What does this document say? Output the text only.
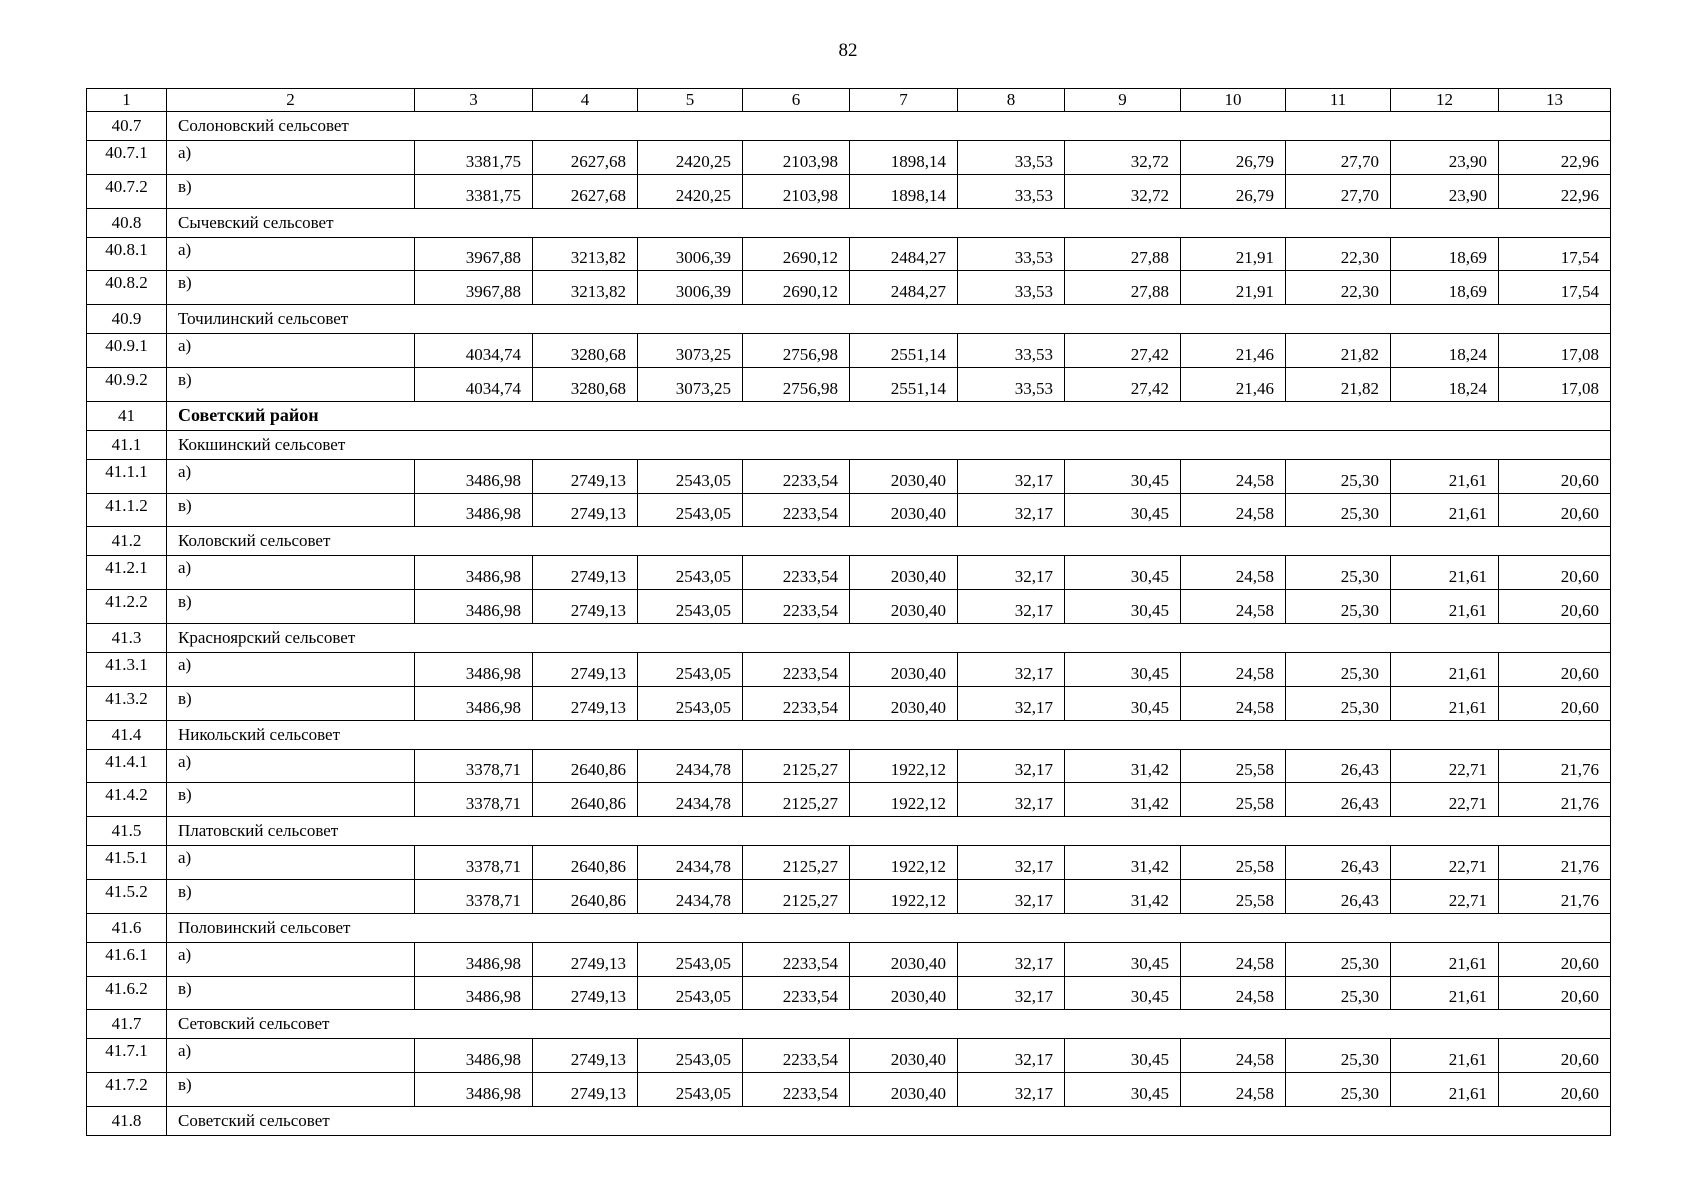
82
1	2	3	4	5	6	7	8	9	10	11	12	13
40.7	Солоновский сельсовет											
40.7.1	а)	3381,75	2627,68	2420,25	2103,98	1898,14	33,53	32,72	26,79	27,70	23,90	22,96
40.7.2	в)	3381,75	2627,68	2420,25	2103,98	1898,14	33,53	32,72	26,79	27,70	23,90	22,96
40.8	Сычевский сельсовет											
40.8.1	а)	3967,88	3213,82	3006,39	2690,12	2484,27	33,53	27,88	21,91	22,30	18,69	17,54
40.8.2	в)	3967,88	3213,82	3006,39	2690,12	2484,27	33,53	27,88	21,91	22,30	18,69	17,54
40.9	Точилинский сельсовет											
40.9.1	а)	4034,74	3280,68	3073,25	2756,98	2551,14	33,53	27,42	21,46	21,82	18,24	17,08
40.9.2	в)	4034,74	3280,68	3073,25	2756,98	2551,14	33,53	27,42	21,46	21,82	18,24	17,08
41	Советский район											
41.1	Кокшинский сельсовет											
41.1.1	а)	3486,98	2749,13	2543,05	2233,54	2030,40	32,17	30,45	24,58	25,30	21,61	20,60
41.1.2	в)	3486,98	2749,13	2543,05	2233,54	2030,40	32,17	30,45	24,58	25,30	21,61	20,60
41.2	Коловский сельсовет											
41.2.1	а)	3486,98	2749,13	2543,05	2233,54	2030,40	32,17	30,45	24,58	25,30	21,61	20,60
41.2.2	в)	3486,98	2749,13	2543,05	2233,54	2030,40	32,17	30,45	24,58	25,30	21,61	20,60
41.3	Красноярский сельсовет											
41.3.1	а)	3486,98	2749,13	2543,05	2233,54	2030,40	32,17	30,45	24,58	25,30	21,61	20,60
41.3.2	в)	3486,98	2749,13	2543,05	2233,54	2030,40	32,17	30,45	24,58	25,30	21,61	20,60
41.4	Никольский сельсовет											
41.4.1	а)	3378,71	2640,86	2434,78	2125,27	1922,12	32,17	31,42	25,58	26,43	22,71	21,76
41.4.2	в)	3378,71	2640,86	2434,78	2125,27	1922,12	32,17	31,42	25,58	26,43	22,71	21,76
41.5	Платовский сельсовет											
41.5.1	а)	3378,71	2640,86	2434,78	2125,27	1922,12	32,17	31,42	25,58	26,43	22,71	21,76
41.5.2	в)	3378,71	2640,86	2434,78	2125,27	1922,12	32,17	31,42	25,58	26,43	22,71	21,76
41.6	Половинский сельсовет											
41.6.1	а)	3486,98	2749,13	2543,05	2233,54	2030,40	32,17	30,45	24,58	25,30	21,61	20,60
41.6.2	в)	3486,98	2749,13	2543,05	2233,54	2030,40	32,17	30,45	24,58	25,30	21,61	20,60
41.7	Сетовский сельсовет											
41.7.1	а)	3486,98	2749,13	2543,05	2233,54	2030,40	32,17	30,45	24,58	25,30	21,61	20,60
41.7.2	в)	3486,98	2749,13	2543,05	2233,54	2030,40	32,17	30,45	24,58	25,30	21,61	20,60
41.8	Советский сельсовет											
